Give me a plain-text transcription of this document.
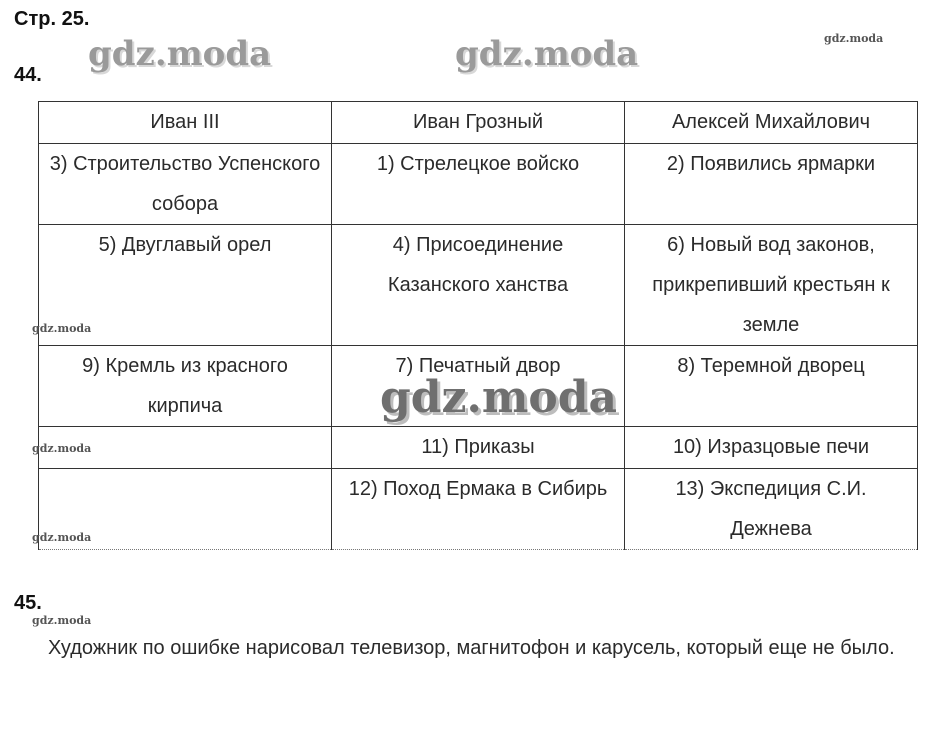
Стр. 25.
gdz.moda	gdz.moda	gdz.moda
44.
Иван III	Иван Грозный	Алексей Михайлович
3) Строительство Успенского собора	1) Стрелецкое войско	2) Появились ярмарки
5) Двуглавый орел	4) Присоединение Казанского ханства	6) Новый вод законов, прикрепивший крестьян к земле
9) Кремль из красного кирпича	7) Печатный двор	8) Теремной дворец
	11) Приказы	10) Изразцовые печи
	12) Поход Ермака в Сибирь	13) Экспедиция С.И. Дежнева
gdz.moda
gdz.moda
gdz.moda
gdz.moda
45.
gdz.moda
Художник по ошибке нарисовал телевизор, магнитофон и карусель, который еще не было.
